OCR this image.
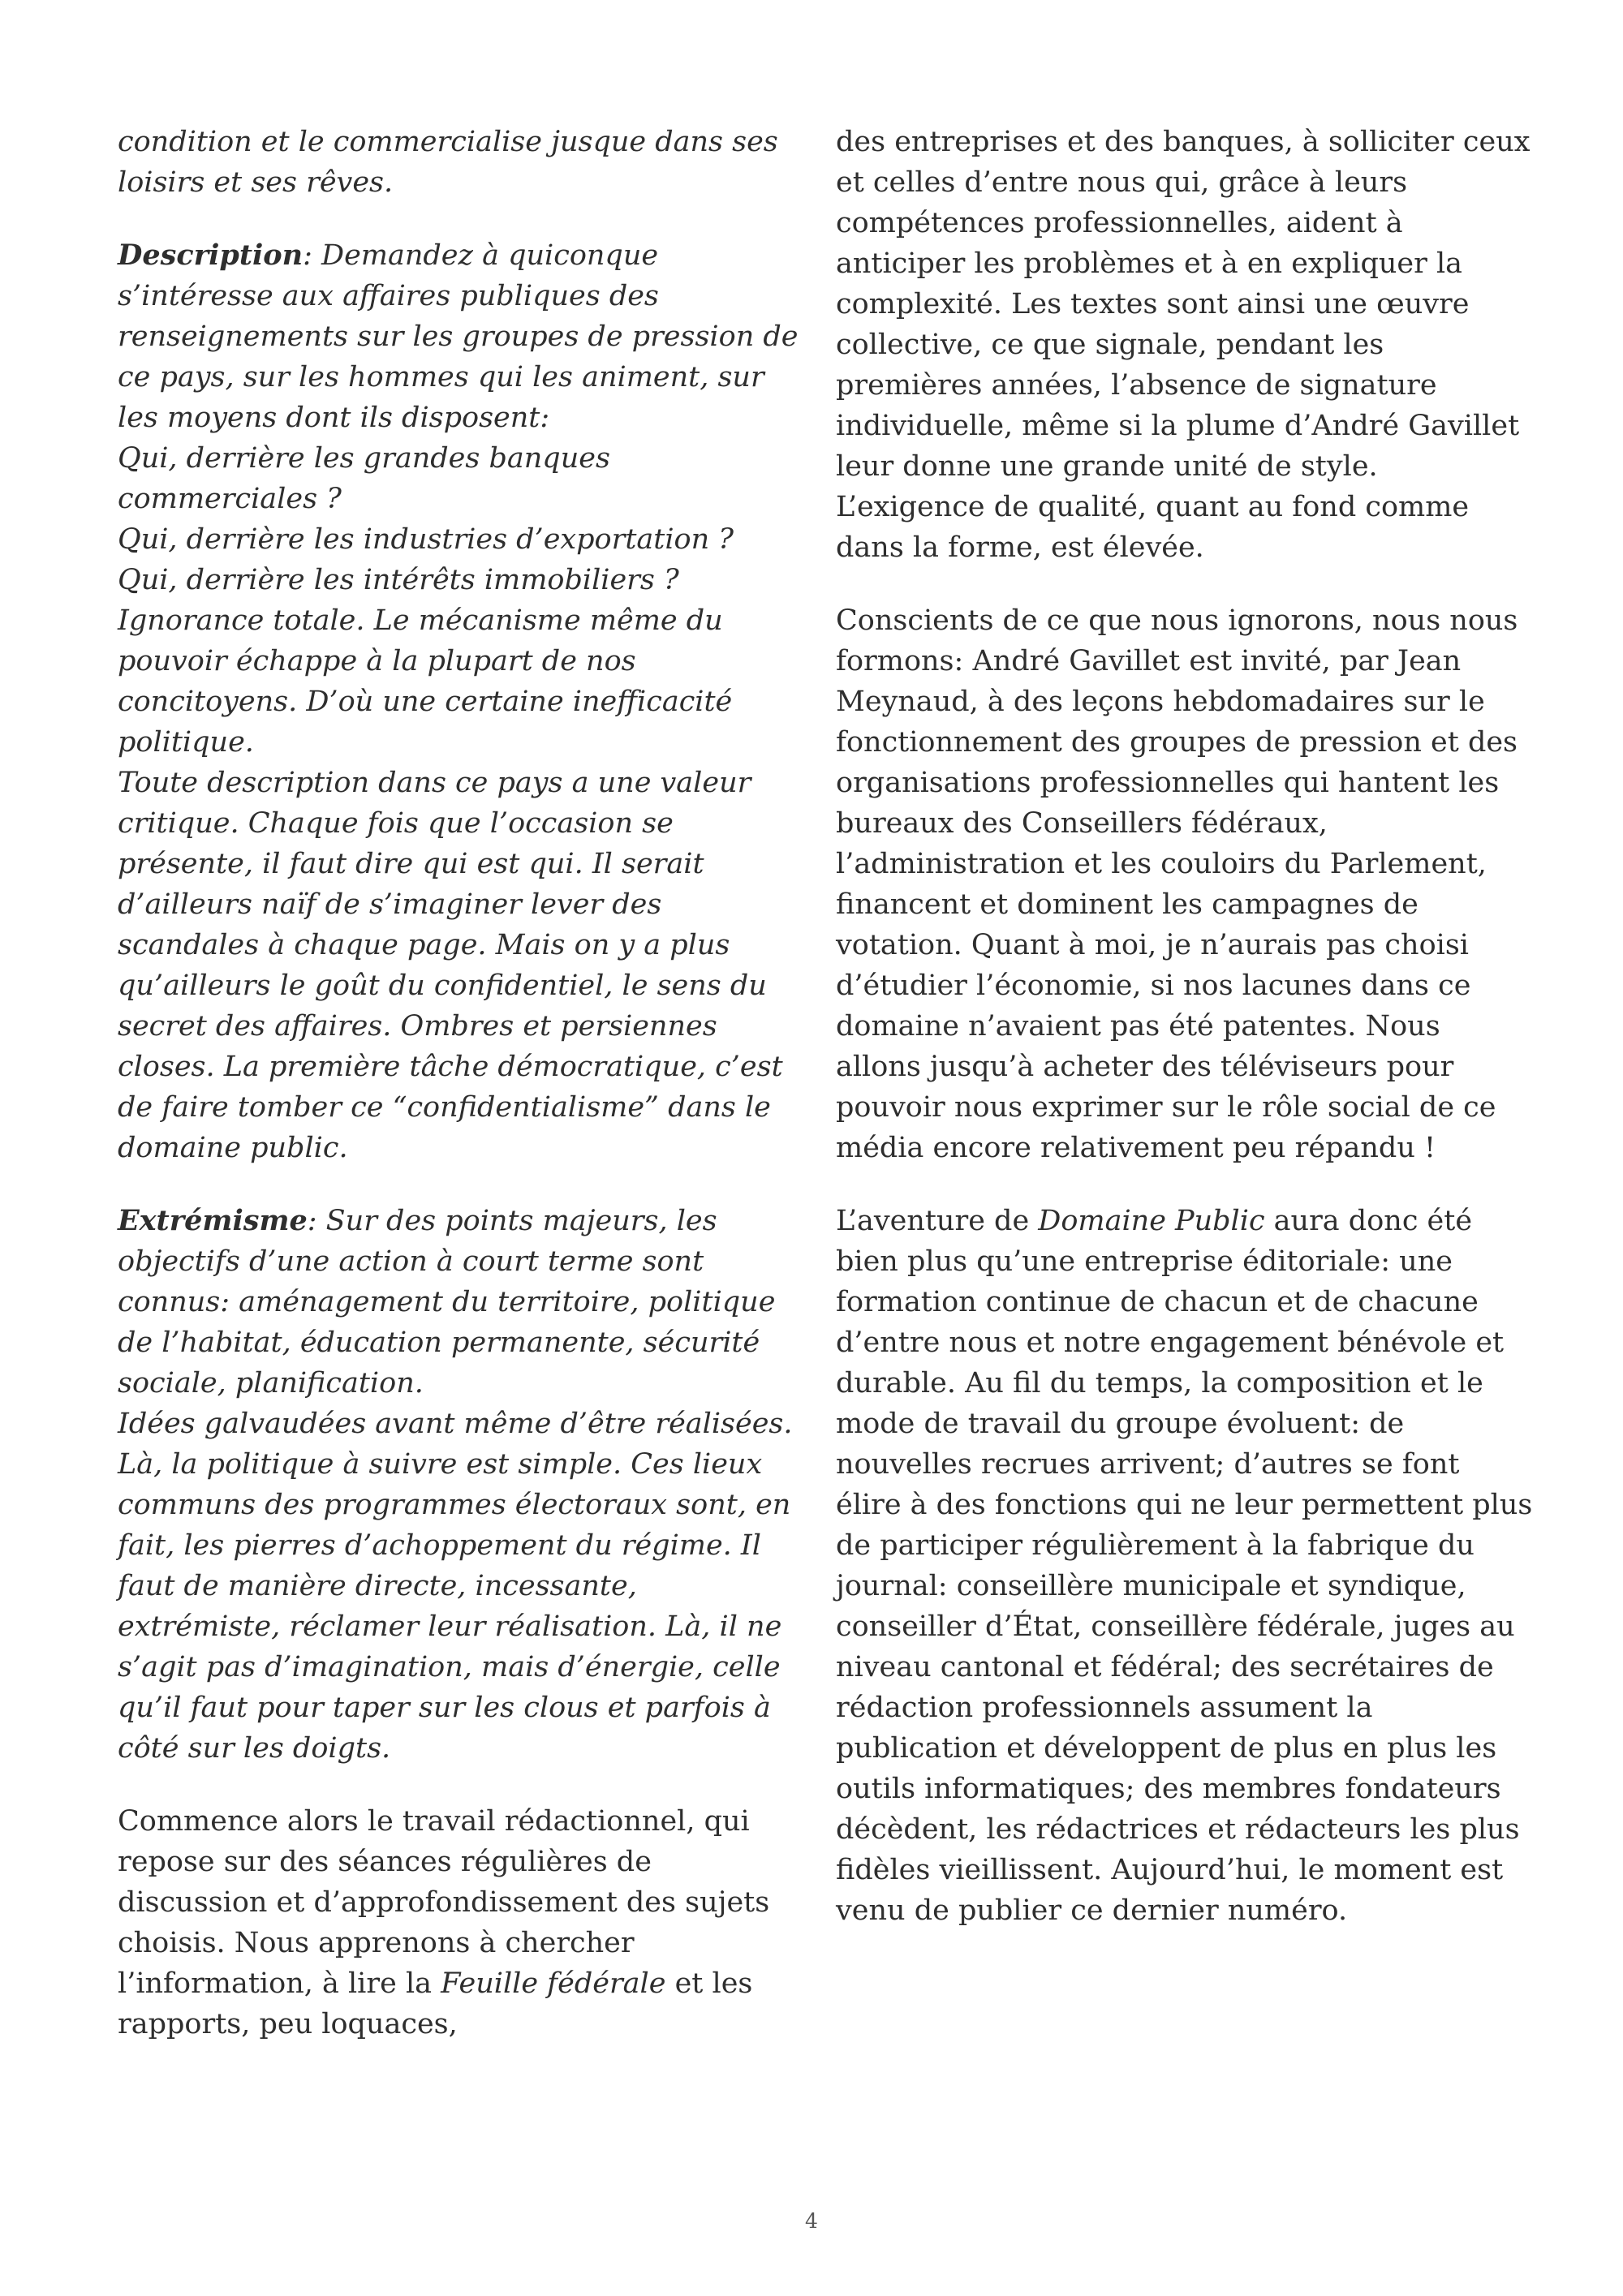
condition et le commercialise jusque dans ses loisirs et ses rêves.

Description: Demandez à quiconque s’intéresse aux affaires publiques des renseignements sur les groupes de pression de ce pays, sur les hommes qui les animent, sur les moyens dont ils disposent:
Qui, derrière les grandes banques commerciales ?
Qui, derrière les industries d’exportation ?
Qui, derrière les intérêts immobiliers ?
Ignorance totale. Le mécanisme même du pouvoir échappe à la plupart de nos concitoyens. D’où une certaine inefficacité politique.
Toute description dans ce pays a une valeur critique. Chaque fois que l’occasion se présente, il faut dire qui est qui. Il serait d’ailleurs naïf de s’imaginer lever des scandales à chaque page. Mais on y a plus qu’ailleurs le goût du confidentiel, le sens du secret des affaires. Ombres et persiennes closes. La première tâche démocratique, c’est de faire tomber ce “confidentialisme” dans le domaine public.

Extrémisme: Sur des points majeurs, les objectifs d’une action à court terme sont connus: aménagement du territoire, politique de l’habitat, éducation permanente, sécurité sociale, planification.
Idées galvaudées avant même d’être réalisées. Là, la politique à suivre est simple. Ces lieux communs des programmes électoraux sont, en fait, les pierres d’achoppement du régime. Il faut de manière directe, incessante, extrémiste, réclamer leur réalisation. Là, il ne s’agit pas d’imagination, mais d’énergie, celle qu’il faut pour taper sur les clous et parfois à côté sur les doigts.

Commence alors le travail rédactionnel, qui repose sur des séances régulières de discussion et d’approfondissement des sujets choisis. Nous apprenons à chercher l’information, à lire la Feuille fédérale et les rapports, peu loquaces,

des entreprises et des banques, à solliciter ceux et celles d’entre nous qui, grâce à leurs compétences professionnelles, aident à anticiper les problèmes et à en expliquer la complexité. Les textes sont ainsi une œuvre collective, ce que signale, pendant les premières années, l’absence de signature individuelle, même si la plume d’André Gavillet leur donne une grande unité de style. L’exigence de qualité, quant au fond comme dans la forme, est élevée.

Conscients de ce que nous ignorons, nous nous formons: André Gavillet est invité, par Jean Meynaud, à des leçons hebdomadaires sur le fonctionnement des groupes de pression et des organisations professionnelles qui hantent les bureaux des Conseillers fédéraux, l’administration et les couloirs du Parlement, financent et dominent les campagnes de votation. Quant à moi, je n’aurais pas choisi d’étudier l’économie, si nos lacunes dans ce domaine n’avaient pas été patentes. Nous allons jusqu’à acheter des téléviseurs pour pouvoir nous exprimer sur le rôle social de ce média encore relativement peu répandu !

L’aventure de Domaine Public aura donc été bien plus qu’une entreprise éditoriale: une formation continue de chacun et de chacune d’entre nous et notre engagement bénévole et durable. Au fil du temps, la composition et le mode de travail du groupe évoluent: de nouvelles recrues arrivent; d’autres se font élire à des fonctions qui ne leur permettent plus de participer régulièrement à la fabrique du journal: conseillère municipale et syndique, conseiller d’État, conseillère fédérale, juges au niveau cantonal et fédéral; des secrétaires de rédaction professionnels assument la publication et développent de plus en plus les outils informatiques; des membres fondateurs décèdent, les rédactrices et rédacteurs les plus fidèles vieillissent. Aujourd’hui, le moment est venu de publier ce dernier numéro.

4
